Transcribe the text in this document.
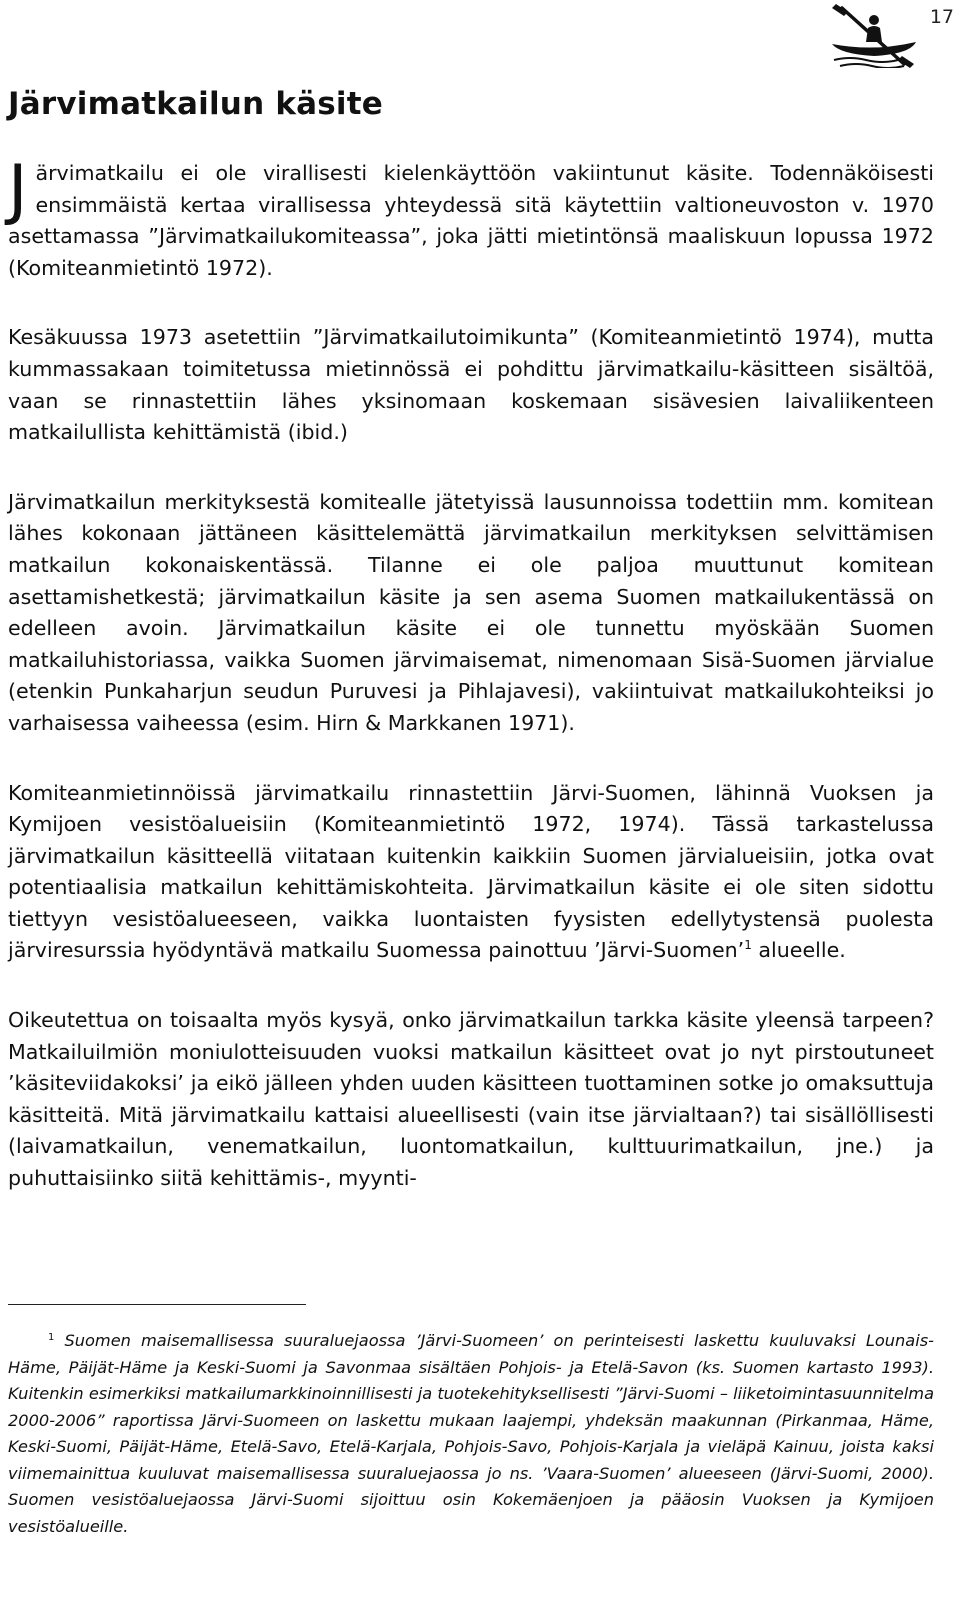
17
Järvimatkailun käsite

Järvimatkailu ei ole virallisesti kielenkäyttöön vakiintunut käsite. Todennäköisesti ensimmäistä kertaa virallisessa yhteydessä sitä käytettiin valtioneuvoston v. 1970 asettamassa ”Järvimatkailukomiteassa”, joka jätti mietintönsä maaliskuun lopussa 1972 (Komiteanmietintö 1972).

Kesäkuussa 1973 asetettiin ”Järvimatkailutoimikunta” (Komiteanmietintö 1974), mutta kummassakaan toimitetussa mietinnössä ei pohdittu järvimatkailu-käsitteen sisältöä, vaan se rinnastettiin lähes yksinomaan koskemaan sisävesien laivaliikenteen matkailullista kehittämistä (ibid.)

Järvimatkailun merkityksestä komitealle jätetyissä lausunnoissa todettiin mm. komitean lähes kokonaan jättäneen käsittelemättä järvimatkailun merkityksen selvittämisen matkailun kokonaiskentässä. Tilanne ei ole paljoa muuttunut komitean asettamishetkestä; järvimatkailun käsite ja sen asema Suomen matkailukentässä on edelleen avoin. Järvimatkailun käsite ei ole tunnettu myöskään Suomen matkailuhistoriassa, vaikka Suomen järvimaisemat, nimenomaan Sisä-Suomen järvialue (etenkin Punkaharjun seudun Puruvesi ja Pihlajavesi), vakiintuivat matkailukohteiksi jo varhaisessa vaiheessa (esim. Hirn & Markkanen 1971).

Komiteanmietinnöissä järvimatkailu rinnastettiin Järvi-Suomen, lähinnä Vuoksen ja Kymijoen vesistöalueisiin (Komiteanmietintö 1972, 1974). Tässä tarkastelussa järvimatkailun käsitteellä viitataan kuitenkin kaikkiin Suomen järvialueisiin, jotka ovat potentiaalisia matkailun kehittämiskohteita. Järvimatkailun käsite ei ole siten sidottu tiettyyn vesistöalueeseen, vaikka luontaisten fyysisten edellytystensä puolesta järviresurssia hyödyntävä matkailu Suomessa painottuu ’Järvi-Suomen’$^1$ alueelle.

Oikeutettua on toisaalta myös kysyä, onko järvimatkailun tarkka käsite yleensä tarpeen? Matkailuilmiön moniulotteisuuden vuoksi matkailun käsitteet ovat jo nyt pirstoutuneet ’käsiteviidakoksi’ ja eikö jälleen yhden uuden käsitteen tuottaminen sotke jo omaksuttuja käsitteitä. Mitä järvimatkailu kattaisi alueellisesti (vain itse järvialtaan?) tai sisällöllisesti (laivamatkailun, venematkailun, luontomatkailun, kulttuurimatkailun, jne.) ja puhuttaisiinko siitä kehittämis-, myynti-

$^1$ Suomen maisemallisessa suuraluejaossa ’Järvi-Suomeen’ on perinteisesti laskettu kuuluvaksi Lounais-Häme, Päijät-Häme ja Keski-Suomi ja Savonmaa sisältäen Pohjois- ja Etelä-Savon (ks. Suomen kartasto 1993). Kuitenkin esimerkiksi matkailumarkkinoinnillisesti ja tuotekehityksellisesti ”Järvi-Suomi – liiketoimintasuunnitelma 2000-2006” raportissa Järvi-Suomeen on laskettu mukaan laajempi, yhdeksän maakunnan (Pirkanmaa, Häme, Keski-Suomi, Päijät-Häme, Etelä-Savo, Etelä-Karjala, Pohjois-Savo, Pohjois-Karjala ja vieläpä Kainuu, joista kaksi viimemainittua kuuluvat maisemallisessa suuraluejaossa jo ns. ’Vaara-Suomen’ alueeseen (Järvi-Suomi, 2000). Suomen vesistöaluejaossa Järvi-Suomi sijoittuu osin Kokemäenjoen ja pääosin Vuoksen ja Kymijoen vesistöalueille.
